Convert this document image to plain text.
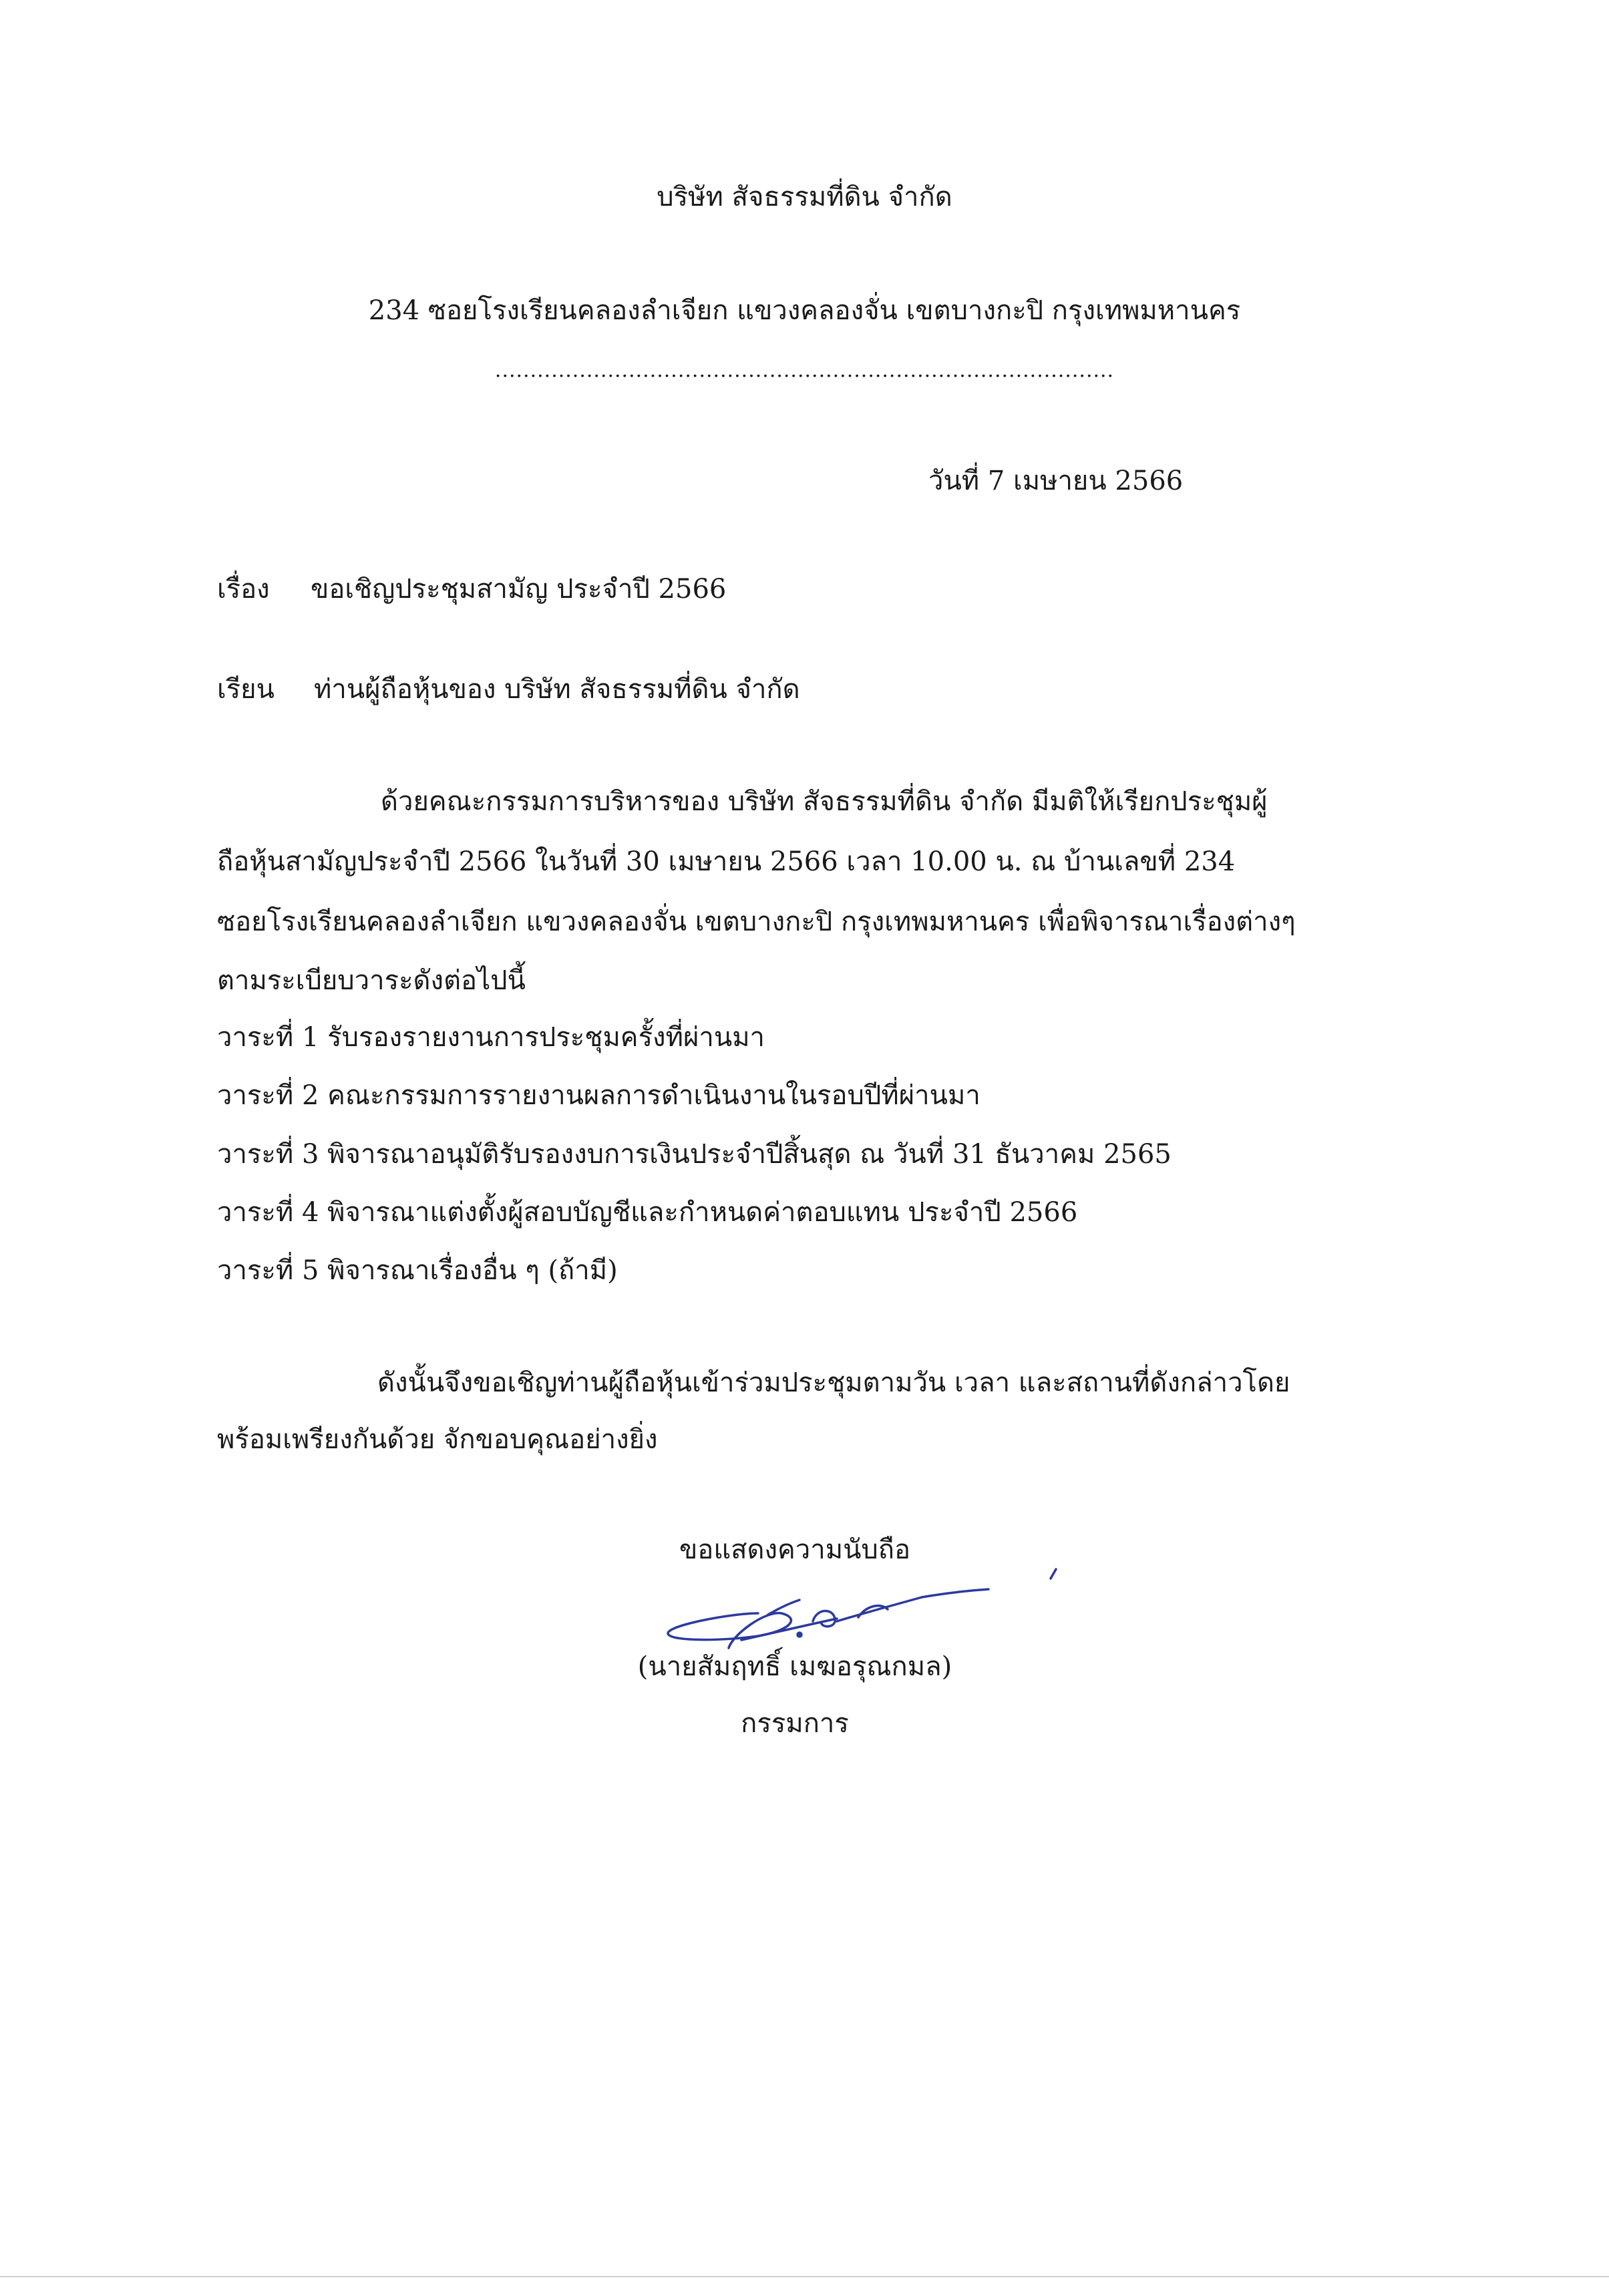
บริษัท สัจธรรมที่ดิน จำกัด
234 ซอยโรงเรียนคลองลำเจียก แขวงคลองจั่น เขตบางกะปิ กรุงเทพมหานคร
........................................................................................
วันที่ 7 เมษายน 2566
เรื่อง ขอเชิญประชุมสามัญ ประจำปี 2566
เรียน ท่านผู้ถือหุ้นของ บริษัท สัจธรรมที่ดิน จำกัด
ด้วยคณะกรรมการบริหารของ บริษัท สัจธรรมที่ดิน จำกัด มีมติให้เรียกประชุมผู้
ถือหุ้นสามัญประจำปี 2566 ในวันที่ 30 เมษายน 2566 เวลา 10.00 น. ณ บ้านเลขที่ 234
ซอยโรงเรียนคลองลำเจียก แขวงคลองจั่น เขตบางกะปิ กรุงเทพมหานคร เพื่อพิจารณาเรื่องต่างๆ
ตามระเบียบวาระดังต่อไปนี้
วาระที่ 1 รับรองรายงานการประชุมครั้งที่ผ่านมา
วาระที่ 2 คณะกรรมการรายงานผลการดำเนินงานในรอบปีที่ผ่านมา
วาระที่ 3 พิจารณาอนุมัติรับรองงบการเงินประจำปีสิ้นสุด ณ วันที่ 31 ธันวาคม 2565
วาระที่ 4 พิจารณาแต่งตั้งผู้สอบบัญชีและกำหนดค่าตอบแทน ประจำปี 2566
วาระที่ 5 พิจารณาเรื่องอื่น ๆ (ถ้ามี)
ดังนั้นจึงขอเชิญท่านผู้ถือหุ้นเข้าร่วมประชุมตามวัน เวลา และสถานที่ดังกล่าวโดย
พร้อมเพรียงกันด้วย จักขอบคุณอย่างยิ่ง
ขอแสดงความนับถือ
(นายสัมฤทธิ์ เมฆอรุณกมล)
กรรมการ
